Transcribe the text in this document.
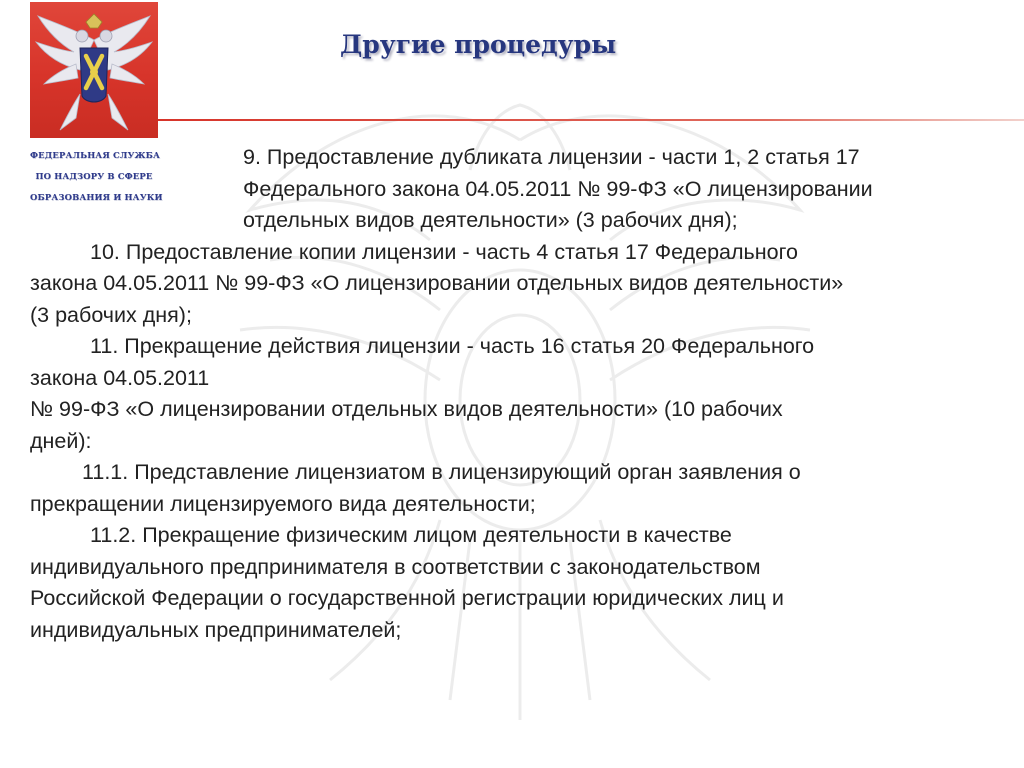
ФЕДЕРАЛЬНАЯ СЛУЖБА
ПО НАДЗОРУ В СФЕРЕ
ОБРАЗОВАНИЯ И НАУКИ
Другие процедуры

9. Предоставление дубликата лицензии - части 1, 2 статья 17

Федерального закона 04.05.2011 № 99-ФЗ «О лицензировании

отдельных видов деятельности» (3 рабочих дня);

10. Предоставление копии лицензии - часть 4 статья 17 Федерального

закона 04.05.2011 № 99-ФЗ «О лицензировании отдельных видов деятельности»

(3 рабочих дня);

11. Прекращение действия лицензии - часть 16 статья 20 Федерального

закона 04.05.2011

№ 99-ФЗ «О лицензировании отдельных видов деятельности» (10 рабочих

дней):

11.1. Представление лицензиатом в лицензирующий орган заявления о

прекращении лицензируемого вида деятельности;

11.2. Прекращение физическим лицом деятельности в качестве

индивидуального предпринимателя в соответствии с законодательством

Российской Федерации о государственной регистрации юридических лиц и

индивидуальных предпринимателей;
